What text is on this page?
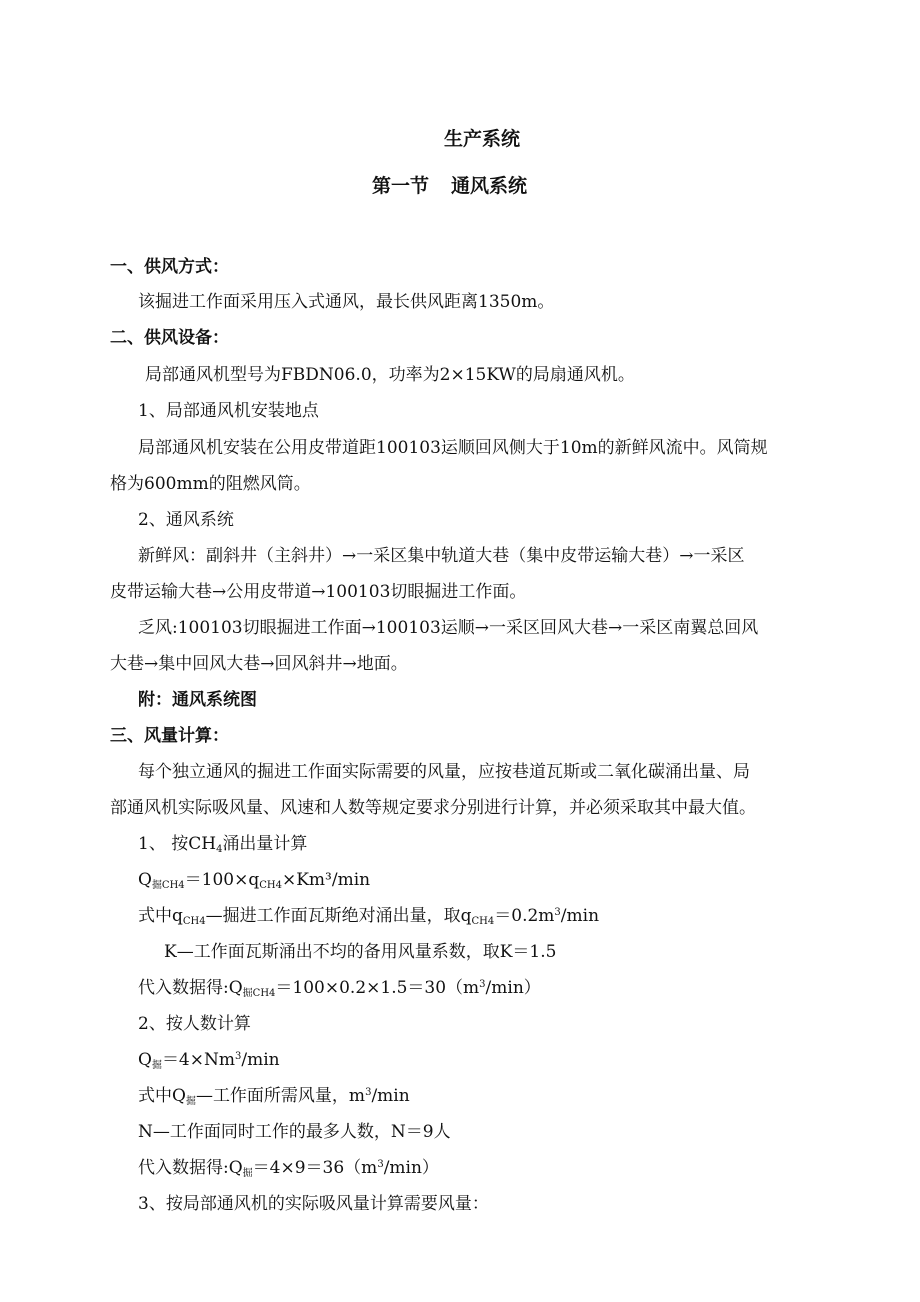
生产系统
第一节 通风系统
一、供风方式：
该掘进工作面采用压入式通风，最长供风距离1350m。
二、供风设备：
局部通风机型号为FBDN06.0，功率为2×15KW的局扇通风机。
1、局部通风机安装地点
局部通风机安装在公用皮带道距100103运顺回风侧大于10m的新鲜风流中。风筒规
格为600mm的阻燃风筒。
2、通风系统
新鲜风：副斜井（主斜井）→一采区集中轨道大巷（集中皮带运输大巷）→一采区
皮带运输大巷→公用皮带道→100103切眼掘进工作面。
乏风:100103切眼掘进工作面→100103运顺→一采区回风大巷→一采区南翼总回风
大巷→集中回风大巷→回风斜井→地面。
附：通风系统图
三、风量计算：
每个独立通风的掘进工作面实际需要的风量，应按巷道瓦斯或二氧化碳涌出量、局
部通风机实际吸风量、风速和人数等规定要求分别进行计算，并必须采取其中最大值。
1、 按$CH_4$涌出量计算
$Q_{掘CH4}=100\times q_{CH4}\times Km^3/\min$
式中$q_{CH4}—$掘进工作面瓦斯绝对涌出量，取$q_{CH4}=0.2m^3/\min$
K—工作面瓦斯涌出不均的备用风量系数，取K＝1.5
代入数据得$:Q_{掘CH4}=100\times 0.2\times 1.5=30(m^3/\min)$
2、按人数计算
$Q_掘=4\times Nm^3/\min$
式中$Q_掘—$工作面所需风量，$m^3/\min$
N—工作面同时工作的最多人数，N＝9人
代入数据得$:Q_掘=4\times 9=36(m^3/\min)$
3、按局部通风机的实际吸风量计算需要风量：
